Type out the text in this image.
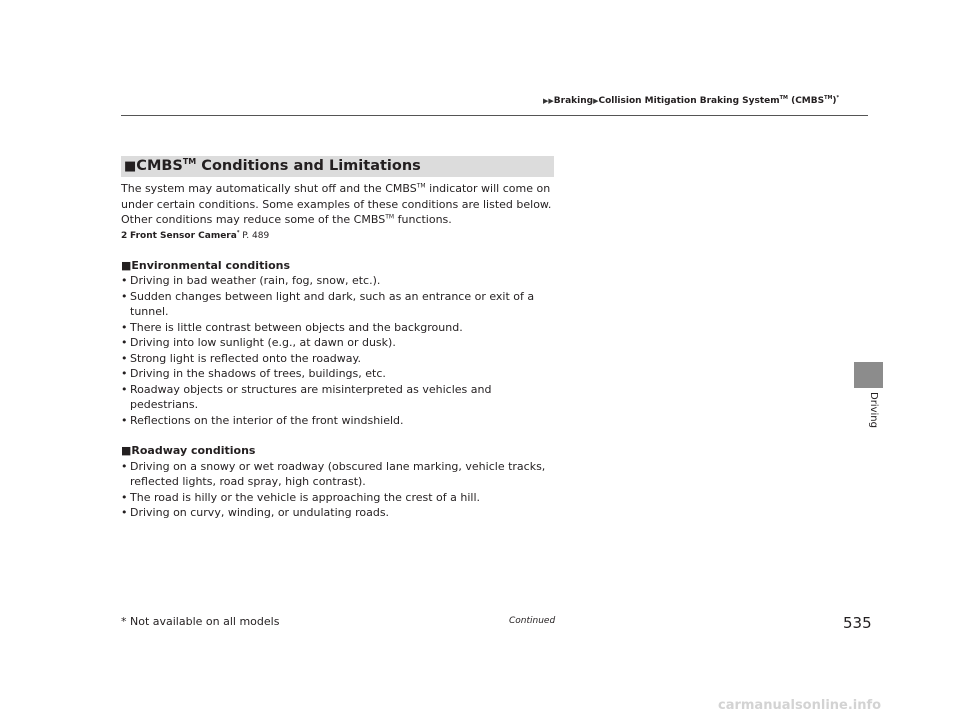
▶▶Braking▶Collision Mitigation Braking System™ (CMBS™)*
■CMBS™ Conditions and Limitations

The system may automatically shut off and the CMBS™ indicator will come on under certain conditions. Some examples of these conditions are listed below. Other conditions may reduce some of the CMBS™ functions.

2 Front Sensor Camera* P. 489
■Environmental conditions
• Driving in bad weather (rain, fog, snow, etc.).
• Sudden changes between light and dark, such as an entrance or exit of a tunnel.
• There is little contrast between objects and the background.
• Driving into low sunlight (e.g., at dawn or dusk).
• Strong light is reflected onto the roadway.
• Driving in the shadows of trees, buildings, etc.
• Roadway objects or structures are misinterpreted as vehicles and pedestrians.
• Reflections on the interior of the front windshield.
■Roadway conditions
• Driving on a snowy or wet roadway (obscured lane marking, vehicle tracks, reflected lights, road spray, high contrast).
• The road is hilly or the vehicle is approaching the crest of a hill.
• Driving on curvy, winding, or undulating roads.
Driving
* Not available on all models	Continued	535
carmanualsonline.info
